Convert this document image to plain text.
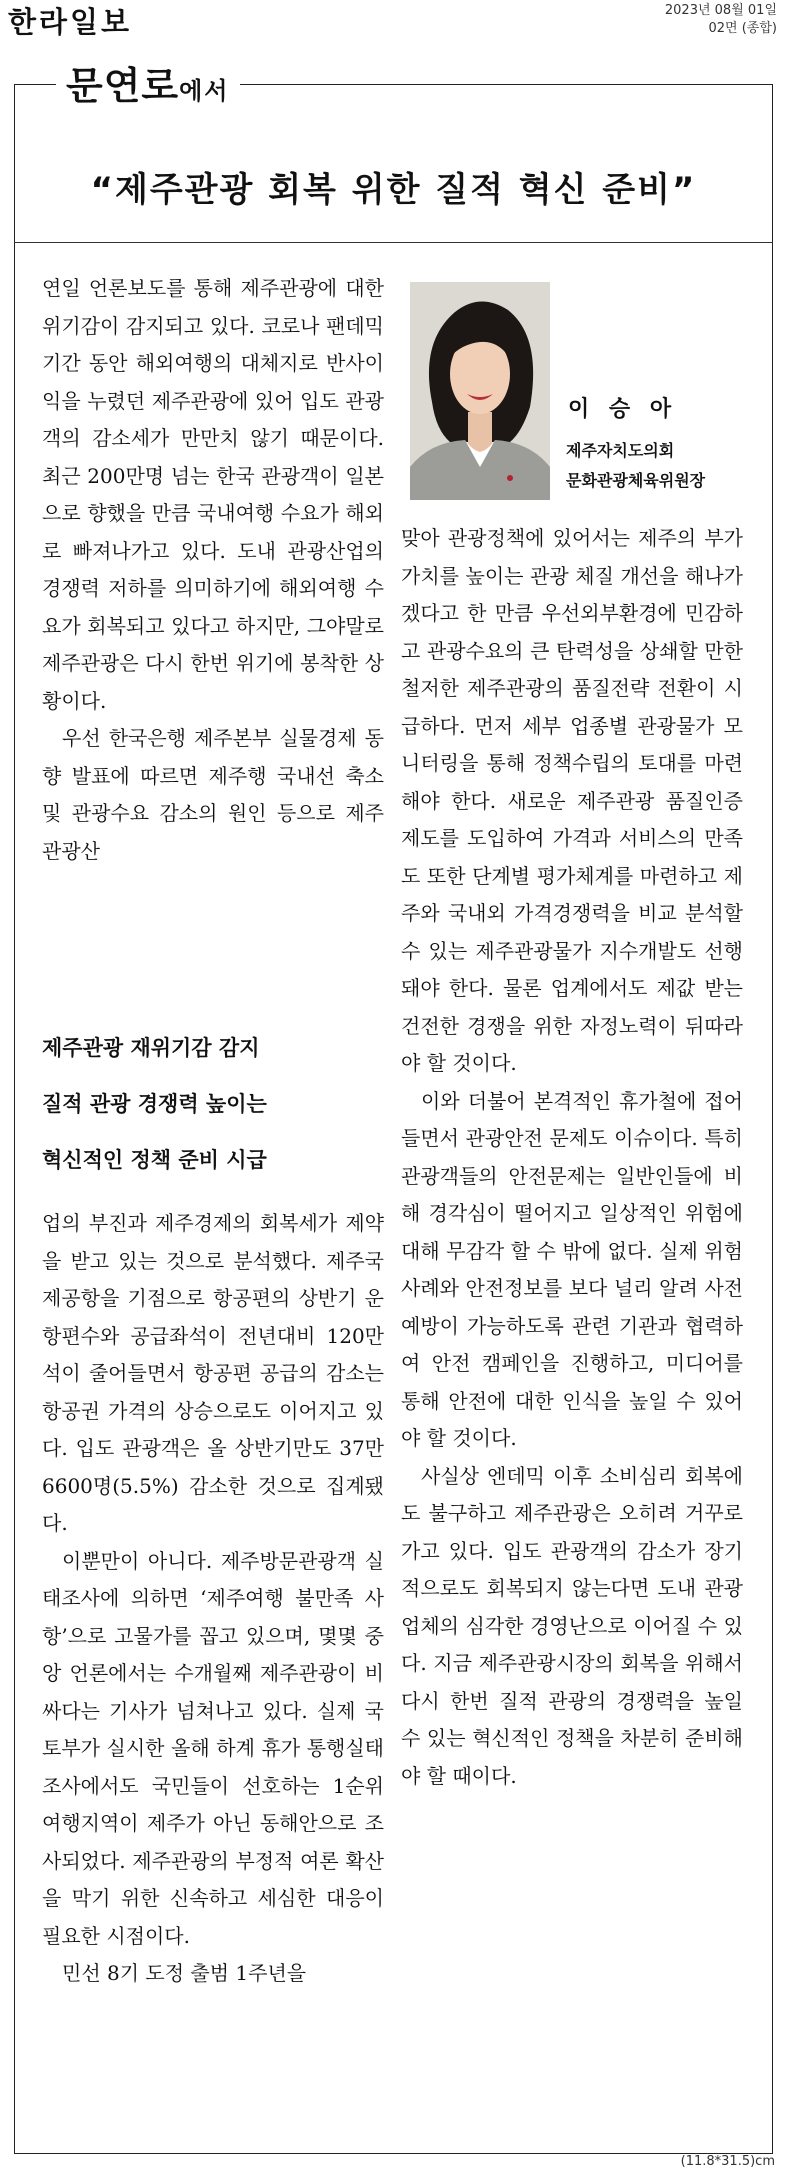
한라일보	2023년 08월 01일
02면 (종합)
문연로에서
“제주관광 회복 위한 질적 혁신 준비”

연일 언론보도를 통해 제주관광에 대한 위기감이 감지되고 있다. 코로나 팬데믹 기간 동안 해외여행의 대체지로 반사이익을 누렸던 제주관광에 있어 입도 관광객의 감소세가 만만치 않기 때문이다. 최근 200만명 넘는 한국 관광객이 일본으로 향했을 만큼 국내여행 수요가 해외로 빠져나가고 있다. 도내 관광산업의 경쟁력 저하를 의미하기에 해외여행 수요가 회복되고 있다고 하지만, 그야말로 제주관광은 다시 한번 위기에 봉착한 상황이다.

우선 한국은행 제주본부 실물경제 동향 발표에 따르면 제주행 국내선 축소 및 관광수요 감소의 원인 등으로 제주 관광산

제주관광 재위기감 감지
질적 관광 경쟁력 높이는
혁신적인 정책 준비 시급

업의 부진과 제주경제의 회복세가 제약을 받고 있는 것으로 분석했다. 제주국제공항을 기점으로 항공편의 상반기 운항편수와 공급좌석이 전년대비 120만석이 줄어들면서 항공편 공급의 감소는 항공권 가격의 상승으로도 이어지고 있다. 입도 관광객은 올 상반기만도 37만6600명(5.5%) 감소한 것으로 집계됐다.

이뿐만이 아니다. 제주방문관광객 실태조사에 의하면 ‘제주여행 불만족 사항’으로 고물가를 꼽고 있으며, 몇몇 중앙 언론에서는 수개월째 제주관광이 비싸다는 기사가 넘쳐나고 있다. 실제 국토부가 실시한 올해 하계 휴가 통행실태조사에서도 국민들이 선호하는 1순위 여행지역이 제주가 아닌 동해안으로 조사되었다. 제주관광의 부정적 여론 확산을 막기 위한 신속하고 세심한 대응이 필요한 시점이다.

민선 8기 도정 출범 1주년을

이 승 아
제주자치도의회
문화관광체육위원장

맞아 관광정책에 있어서는 제주의 부가가치를 높이는 관광 체질 개선을 해나가겠다고 한 만큼 우선외부환경에 민감하고 관광수요의 큰 탄력성을 상쇄할 만한 철저한 제주관광의 품질전략 전환이 시급하다. 먼저 세부 업종별 관광물가 모니터링을 통해 정책수립의 토대를 마련해야 한다. 새로운 제주관광 품질인증 제도를 도입하여 가격과 서비스의 만족도 또한 단계별 평가체계를 마련하고 제주와 국내외 가격경쟁력을 비교 분석할 수 있는 제주관광물가 지수개발도 선행돼야 한다. 물론 업계에서도 제값 받는 건전한 경쟁을 위한 자정노력이 뒤따라야 할 것이다.

이와 더불어 본격적인 휴가철에 접어들면서 관광안전 문제도 이슈이다. 특히 관광객들의 안전문제는 일반인들에 비해 경각심이 떨어지고 일상적인 위험에 대해 무감각 할 수 밖에 없다. 실제 위험 사례와 안전정보를 보다 널리 알려 사전 예방이 가능하도록 관련 기관과 협력하여 안전 캠페인을 진행하고, 미디어를 통해 안전에 대한 인식을 높일 수 있어야 할 것이다.

사실상 엔데믹 이후 소비심리 회복에도 불구하고 제주관광은 오히려 거꾸로 가고 있다. 입도 관광객의 감소가 장기적으로도 회복되지 않는다면 도내 관광업체의 심각한 경영난으로 이어질 수 있다. 지금 제주관광시장의 회복을 위해서 다시 한번 질적 관광의 경쟁력을 높일 수 있는 혁신적인 정책을 차분히 준비해야 할 때이다.

(11.8*31.5)cm
